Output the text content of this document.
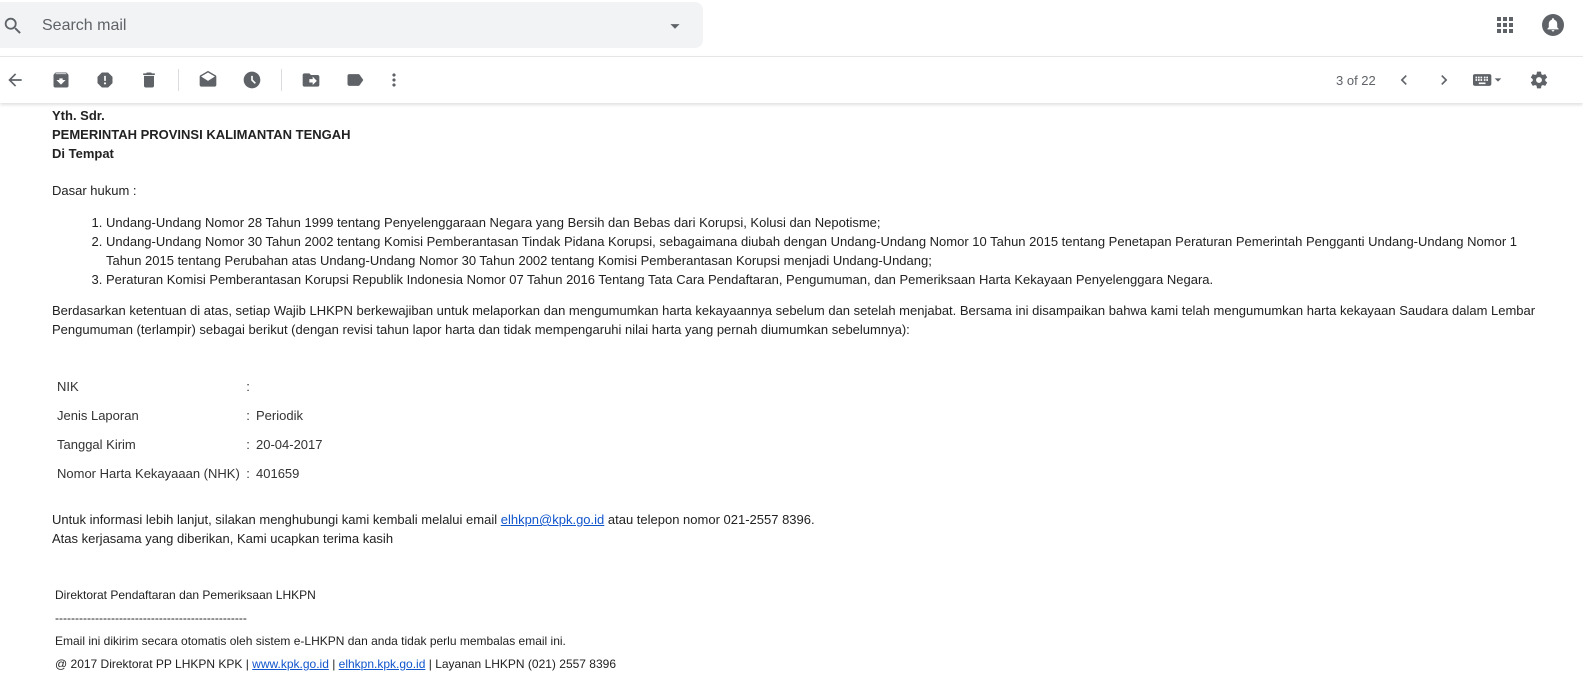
Search mail
3 of 22

Yth. Sdr.

PEMERINTAH PROVINSI KALIMANTAN TENGAH

Di Tempat

Dasar hukum :

1. Undang-Undang Nomor 28 Tahun 1999 tentang Penyelenggaraan Negara yang Bersih dan Bebas dari Korupsi, Kolusi dan Nepotisme;
2. Undang-Undang Nomor 30 Tahun 2002 tentang Komisi Pemberantasan Tindak Pidana Korupsi, sebagaimana diubah dengan Undang-Undang Nomor 10 Tahun 2015 tentang Penetapan Peraturan Pemerintah Pengganti Undang-Undang Nomor 1 Tahun 2015 tentang Perubahan atas Undang-Undang Nomor 30 Tahun 2002 tentang Komisi Pemberantasan Korupsi menjadi Undang-Undang;
3. Peraturan Komisi Pemberantasan Korupsi Republik Indonesia Nomor 07 Tahun 2016 Tentang Tata Cara Pendaftaran, Pengumuman, dan Pemeriksaan Harta Kekayaan Penyelenggara Negara.

Berdasarkan ketentuan di atas, setiap Wajib LHKPN berkewajiban untuk melaporkan dan mengumumkan harta kekayaannya sebelum dan setelah menjabat. Bersama ini disampaikan bahwa kami telah mengumumkan harta kekayaan Saudara dalam Lembar Pengumuman (terlampir) sebagai berikut (dengan revisi tahun lapor harta dan tidak mempengaruhi nilai harta yang pernah diumumkan sebelumnya):

NIK	:	
Jenis Laporan	:	Periodik
Tanggal Kirim	:	20-04-2017
Nomor Harta Kekayaaan (NHK)	:	401659

Untuk informasi lebih lanjut, silakan menghubungi kami kembali melalui email elhkpn@kpk.go.id atau telepon nomor 021-2557 8396.

Atas kerjasama yang diberikan, Kami ucapkan terima kasih

Direktorat Pendaftaran dan Pemeriksaan LHKPN
------------------------------------------------
Email ini dikirim secara otomatis oleh sistem e-LHKPN dan anda tidak perlu membalas email ini.
@ 2017 Direktorat PP LHKPN KPK | www.kpk.go.id | elhkpn.kpk.go.id | Layanan LHKPN (021) 2557 8396
